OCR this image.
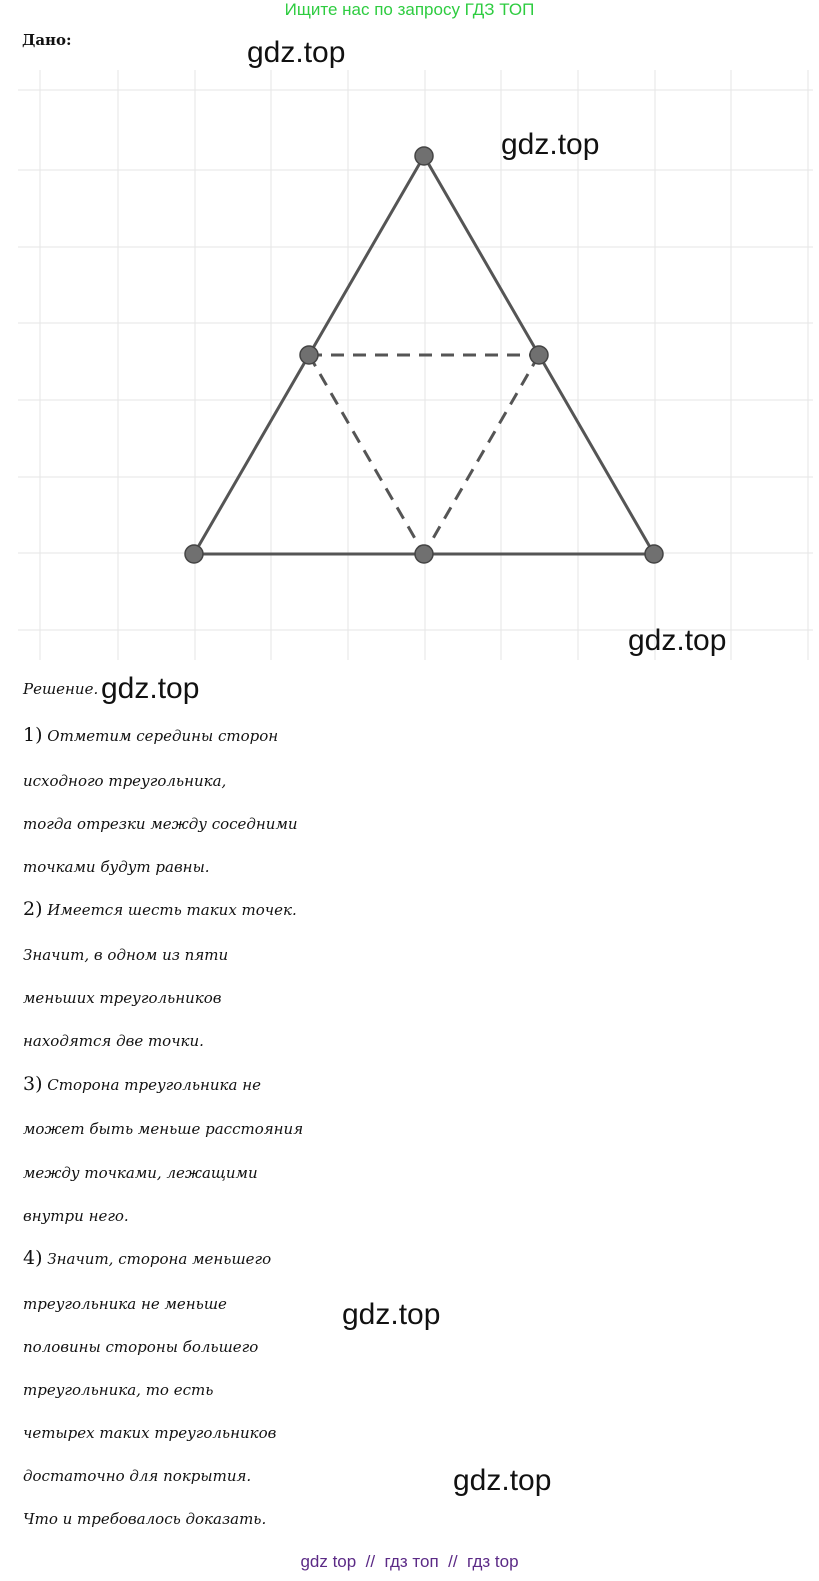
Ищите нас по запросу ГДЗ ТОП
Дано:	gdz.top
gdz.top
gdz.top
gdz.top
gdz.top
gdz.top
Решение.
1) Отметим середины сторон
исходного треугольника,
тогда отрезки между соседними
точками будут равны.
2) Имеется шесть таких точек.
Значит, в одном из пяти
меньших треугольников
находятся две точки.
3) Сторона треугольника не
может быть меньше расстояния
между точками, лежащими
внутри него.
4) Значит, сторона меньшего
треугольника не меньше
половины стороны большего
треугольника, то есть
четырех таких треугольников
достаточно для покрытия.
Что и требовалось доказать.
gdz top  //  гдз топ  //  гдз top
